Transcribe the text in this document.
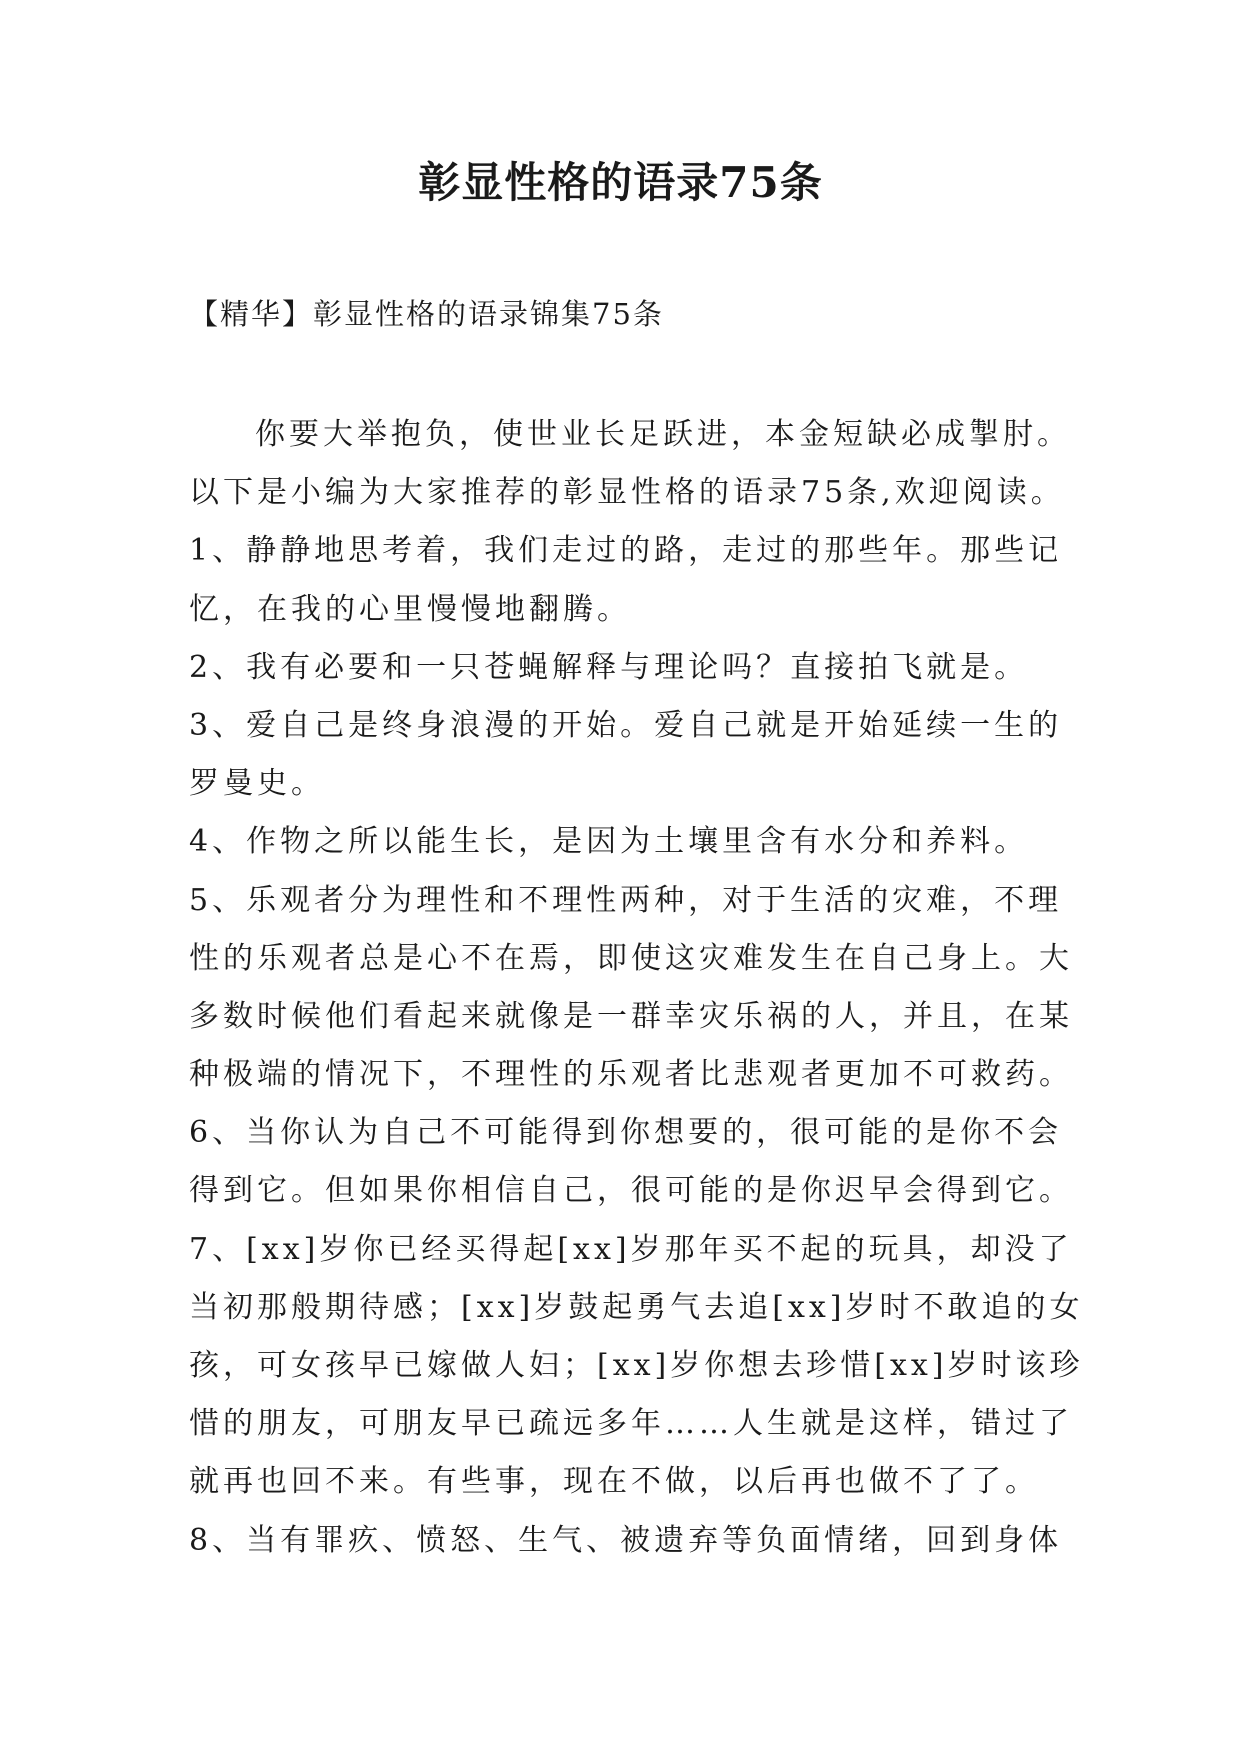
彰显性格的语录75条
【精华】彰显性格的语录锦集75条
你要大举抱负，使世业长足跃进，本金短缺必成掣肘。
以下是小编为大家推荐的彰显性格的语录75条,欢迎阅读。
1、静静地思考着，我们走过的路，走过的那些年。那些记
忆，在我的心里慢慢地翻腾。
2、我有必要和一只苍蝇解释与理论吗？直接拍飞就是。
3、爱自己是终身浪漫的开始。爱自己就是开始延续一生的
罗曼史。
4、作物之所以能生长，是因为土壤里含有水分和养料。
5、乐观者分为理性和不理性两种，对于生活的灾难，不理
性的乐观者总是心不在焉，即使这灾难发生在自己身上。大
多数时候他们看起来就像是一群幸灾乐祸的人，并且，在某
种极端的情况下，不理性的乐观者比悲观者更加不可救药。
6、当你认为自己不可能得到你想要的，很可能的是你不会
得到它。但如果你相信自己，很可能的是你迟早会得到它。
7、[xx]岁你已经买得起[xx]岁那年买不起的玩具，却没了
当初那般期待感；[xx]岁鼓起勇气去追[xx]岁时不敢追的女
孩，可女孩早已嫁做人妇；[xx]岁你想去珍惜[xx]岁时该珍
惜的朋友，可朋友早已疏远多年……人生就是这样，错过了
就再也回不来。有些事，现在不做，以后再也做不了了。
8、当有罪疚、愤怒、生气、被遗弃等负面情绪，回到身体
